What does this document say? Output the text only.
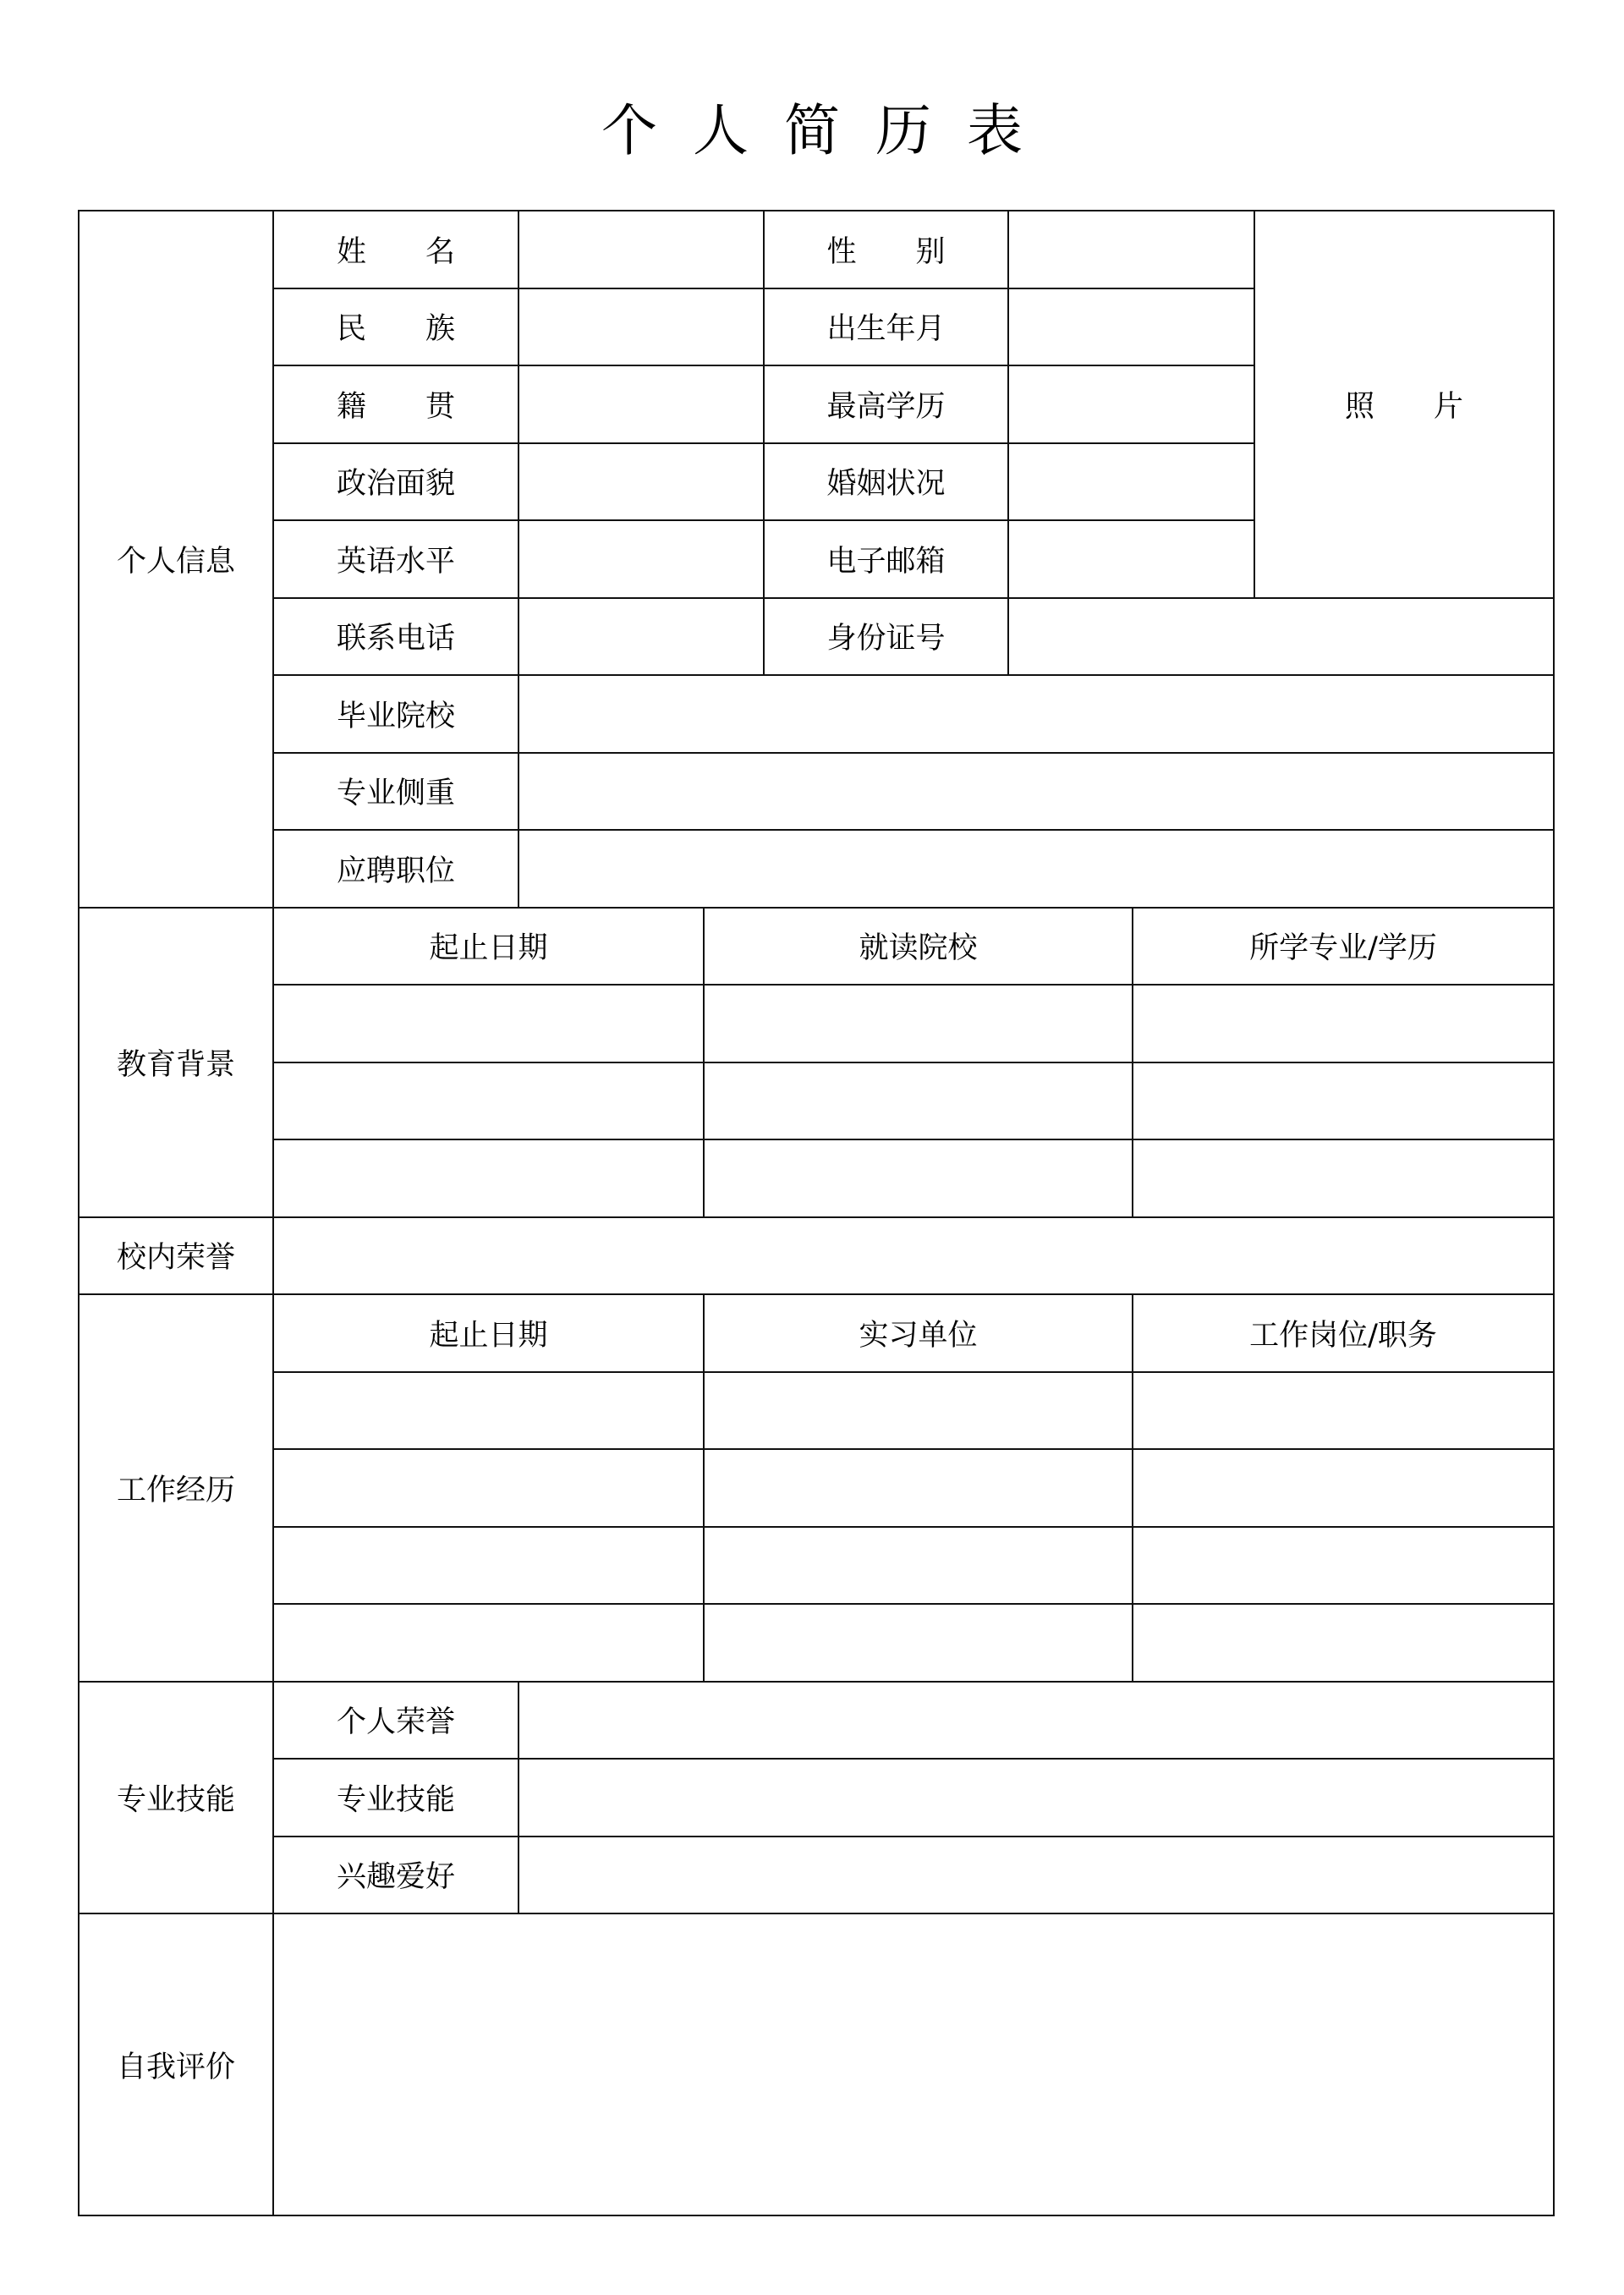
个人简历表
个人信息
姓　　名	性　　别
照　　片
民　　族	出生年月
籍　　贯	最高学历
政治面貌	婚姻状况
英语水平	电子邮箱
联系电话	身份证号
毕业院校
专业侧重
应聘职位
教育背景
起止日期	就读院校	所学专业/学历
校内荣誉
工作经历
起止日期	实习单位	工作岗位/职务
专业技能
个人荣誉
专业技能
兴趣爱好
自我评价
